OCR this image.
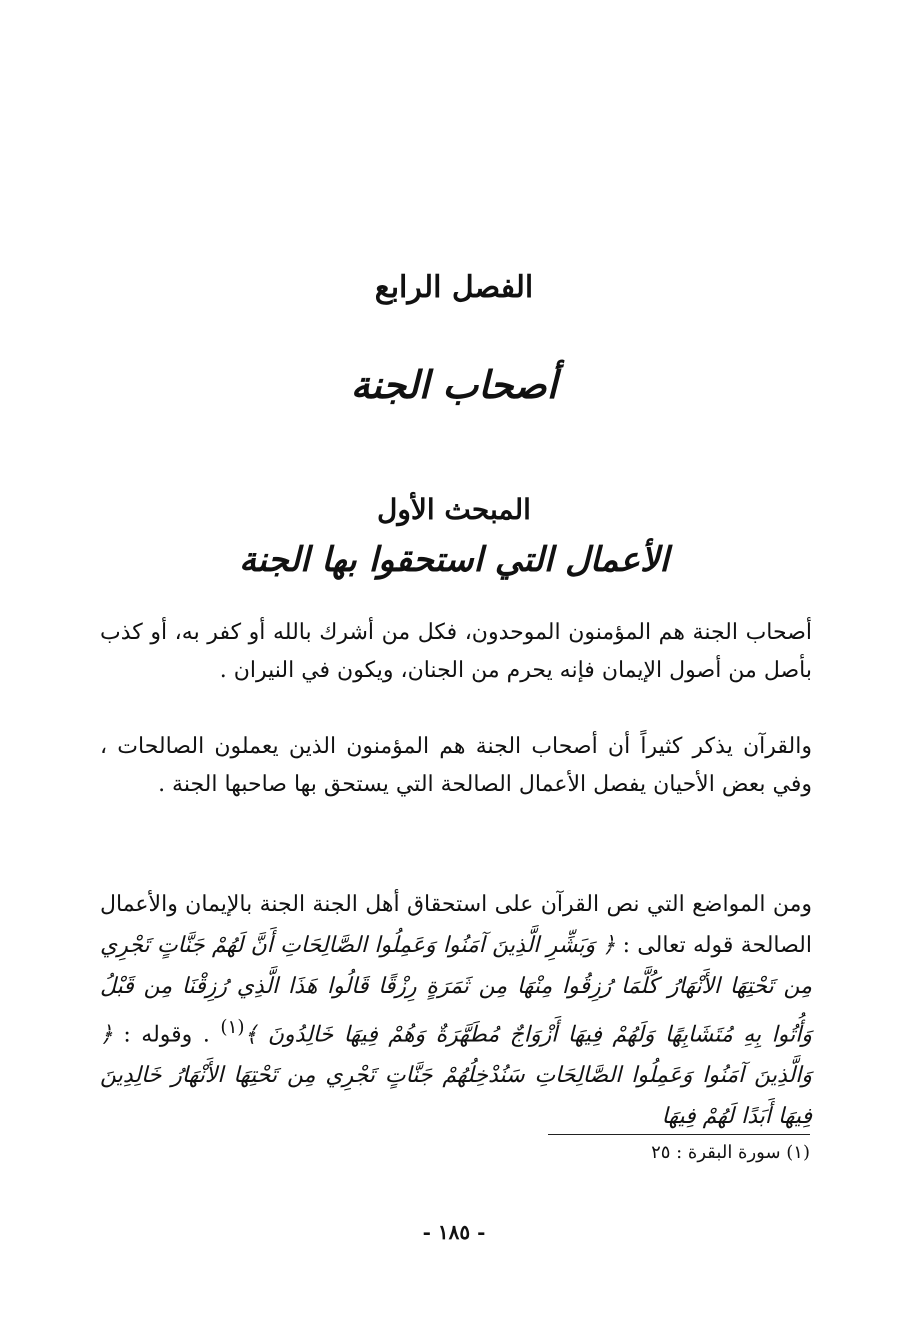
الفصل الرابع
أصحاب الجنة
المبحث الأول
الأعمال التي استحقوا بها الجنة

أصحاب الجنة هم المؤمنون الموحدون، فكل من أشرك بالله أو كفر به، أو كذب بأصل من أصول الإيمان فإنه يحرم من الجنان، ويكون في النيران .

والقرآن يذكر كثيراً أن أصحاب الجنة هم المؤمنون الذين يعملون الصالحات ، وفي بعض الأحيان يفصل الأعمال الصالحة التي يستحق بها صاحبها الجنة .

ومن المواضع التي نص القرآن على استحقاق أهل الجنة الجنة بالإيمان والأعمال الصالحة قوله تعالى : ﴿ وَبَشِّرِ الَّذِينَ آمَنُوا وَعَمِلُوا الصَّالِحَاتِ أَنَّ لَهُمْ جَنَّاتٍ تَجْرِي مِن تَحْتِهَا الأَنْهَارُ كُلَّمَا رُزِقُوا مِنْهَا مِن ثَمَرَةٍ رِزْقًا قَالُوا هَذَا الَّذِي رُزِقْنَا مِن قَبْلُ وَأُتُوا بِهِ مُتَشَابِهًا وَلَهُمْ فِيهَا أَزْوَاجٌ مُطَهَّرَةٌ وَهُمْ فِيهَا خَالِدُونَ ﴾$^{(١)}$ . وقوله : ﴿ وَالَّذِينَ آمَنُوا وَعَمِلُوا الصَّالِحَاتِ سَنُدْخِلُهُمْ جَنَّاتٍ تَجْرِي مِن تَحْتِهَا الأَنْهَارُ خَالِدِينَ فِيهَا أَبَدًا لَهُمْ فِيهَا

(١) سورة البقرة : ٢٥
- ١٨٥ -
